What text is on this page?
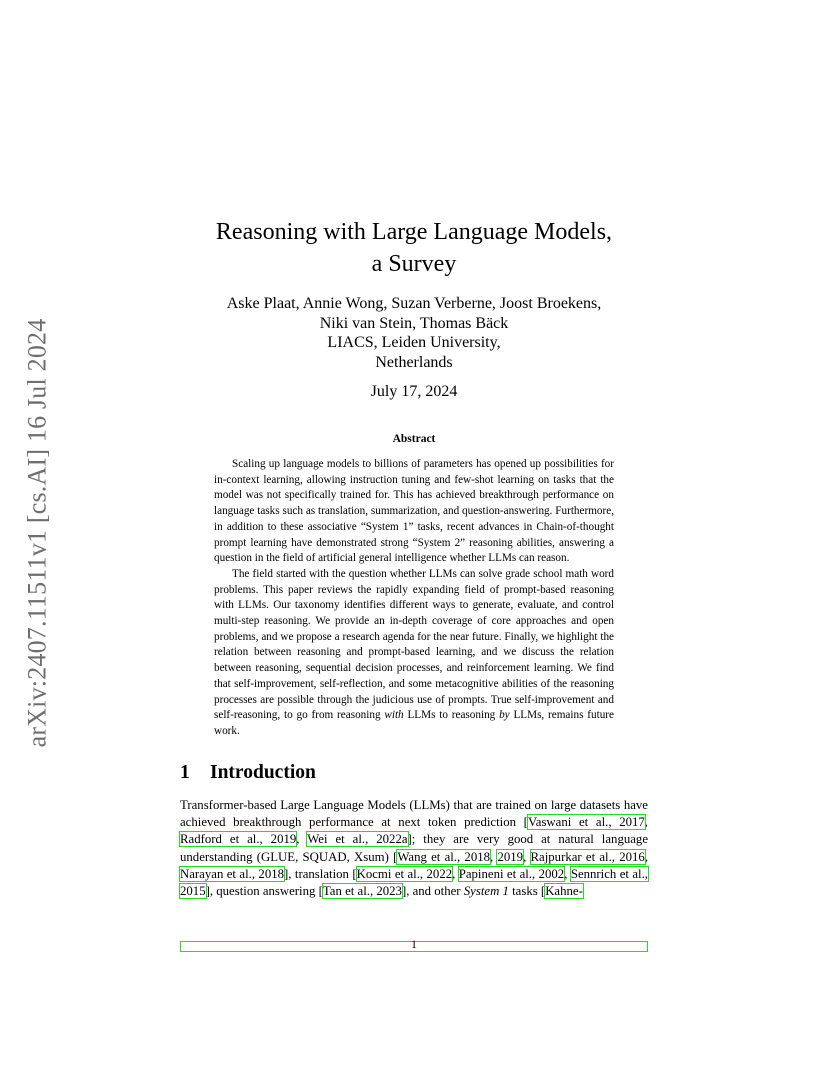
arXiv:2407.11511v1 [cs.AI] 16 Jul 2024
Reasoning with Large Language Models,
a Survey
Aske Plaat, Annie Wong, Suzan Verberne, Joost Broekens,
Niki van Stein, Thomas Bäck
LIACS, Leiden University,
Netherlands
July 17, 2024
Abstract

Scaling up language models to billions of parameters has opened up possibilities for in-context learning, allowing instruction tuning and few-shot learning on tasks that the model was not specifically trained for. This has achieved breakthrough performance on language tasks such as translation, summarization, and question-answering. Furthermore, in addition to these associative “System 1” tasks, recent advances in Chain-of-thought prompt learning have demonstrated strong “System 2” reasoning abilities, answering a question in the field of artificial general intelligence whether LLMs can reason.

The field started with the question whether LLMs can solve grade school math word problems. This paper reviews the rapidly expanding field of prompt-based reasoning with LLMs. Our taxonomy identifies different ways to generate, evaluate, and control multi-step reasoning. We provide an in-depth coverage of core approaches and open problems, and we propose a research agenda for the near future. Finally, we highlight the relation between reasoning and prompt-based learning, and we discuss the relation between reasoning, sequential decision processes, and reinforcement learning. We find that self-improvement, self-reflection, and some metacognitive abilities of the reasoning processes are possible through the judicious use of prompts. True self-improvement and self-reasoning, to go from reasoning with LLMs to reasoning by LLMs, remains future work.

1 Introduction

Transformer-based Large Language Models (LLMs) that are trained on large datasets have achieved breakthrough performance at next token prediction [Vaswani et al., 2017, Radford et al., 2019, Wei et al., 2022a]; they are very good at natural language understanding (GLUE, SQUAD, Xsum) [Wang et al., 2018, 2019, Rajpurkar et al., 2016, Narayan et al., 2018], translation [Kocmi et al., 2022, Papineni et al., 2002, Sennrich et al., 2015], question answering [Tan et al., 2023], and other System 1 tasks [Kahne-

1
